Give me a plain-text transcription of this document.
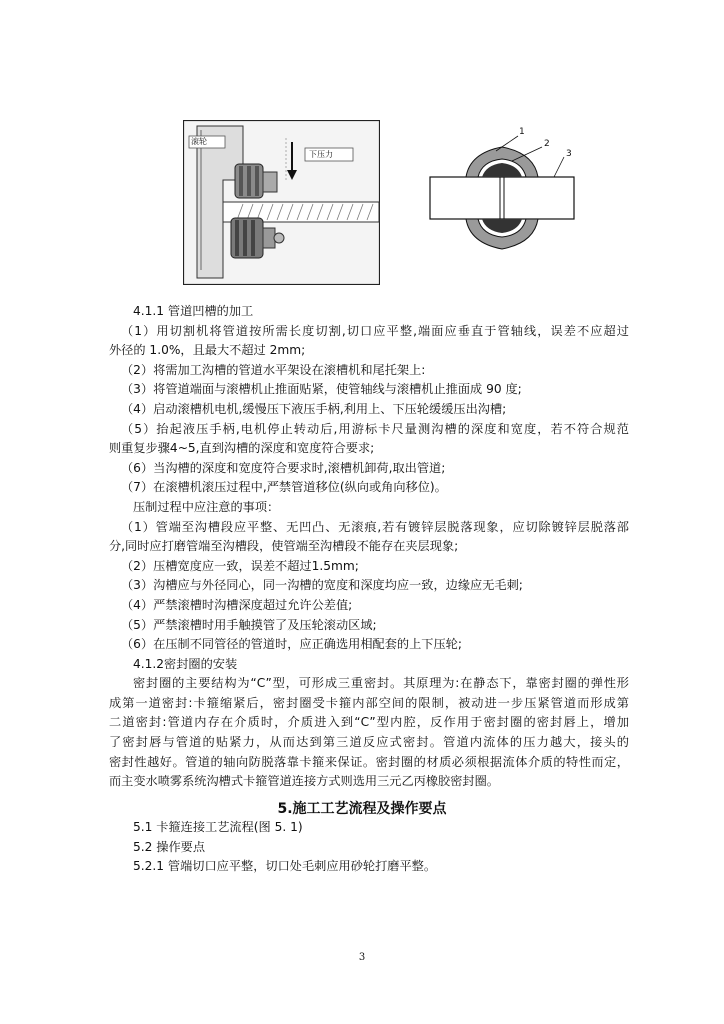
滚轮
下压力
1
2
3
4.1.1 管道凹槽的加工
（1）用切割机将管道按所需长度切割,切口应平整,端面应垂直于管轴线，误差不应超过
外径的 1.0%，且最大不超过 2mm;
（2）将需加工沟槽的管道水平架设在滚槽机和尾托架上:
（3）将管道端面与滚槽机止推面贴紧，使管轴线与滚槽机止推面成 90 度;
（4）启动滚槽机电机,缓慢压下液压手柄,利用上、下压轮缓缓压出沟槽;
（5）抬起液压手柄,电机停止转动后,用游标卡尺量测沟槽的深度和宽度，若不符合规范
则重复步骤4~5,直到沟槽的深度和宽度符合要求;
（6）当沟槽的深度和宽度符合要求时,滚槽机卸荷,取出管道;
（7）在滚槽机滚压过程中,严禁管道移位(纵向或角向移位)。
压制过程中应注意的事项：
（1）管端至沟槽段应平整、无凹凸、无滚痕,若有镀锌层脱落现象，应切除镀锌层脱落部
分,同时应打磨管端至沟槽段，使管端至沟槽段不能存在夹层现象;
（2）压槽宽度应一致，误差不超过1.5mm;
（3）沟槽应与外径同心，同一沟槽的宽度和深度均应一致，边缘应无毛刺;
（4）严禁滚槽时沟槽深度超过允许公差值;
（5）严禁滚槽时用手触摸管了及压轮滚动区域;
（6）在压制不同管径的管道时，应正确选用相配套的上下压轮;
4.1.2密封圈的安装
密封圈的主要结构为“C”型，可形成三重密封。其原理为:在静态下，靠密封圈的弹性形
成第一道密封:卡箍缩紧后，密封圈受卡箍内部空间的限制，被动进一步压紧管道而形成第
二道密封:管道内存在介质时，介质进入到“C”型内腔，反作用于密封圈的密封唇上，增加
了密封唇与管道的贴紧力，从而达到第三道反应式密封。管道内流体的压力越大，接头的
密封性越好。管道的轴向防脱落靠卡箍来保证。密封圈的材质必须根据流体介质的特性而定，
而主变水喷雾系统沟槽式卡箍管道连接方式则选用三元乙丙橡胶密封圈。
5.施工工艺流程及操作要点
5.1 卡箍连接工艺流程(图 5. 1)
5.2 操作要点
5.2.1 管端切口应平整，切口处毛刺应用砂轮打磨平整。
3
